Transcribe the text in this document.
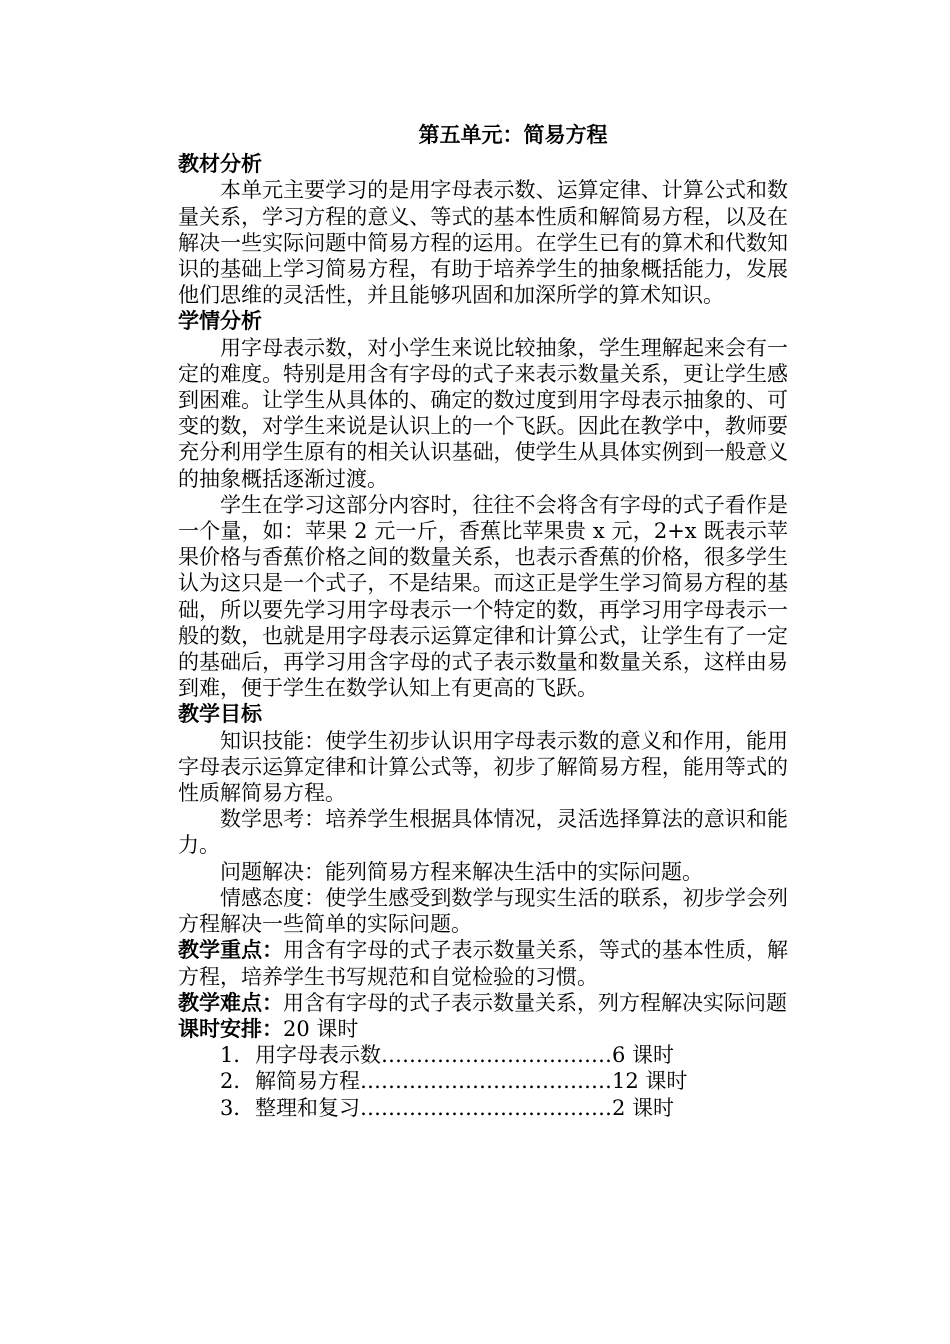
第五单元：简易方程

教材分析

本单元主要学习的是用字母表示数、运算定律、计算公式和数量关系，学习方程的意义、等式的基本性质和解简易方程，以及在解决一些实际问题中简易方程的运用。在学生已有的算术和代数知识的基础上学习简易方程，有助于培养学生的抽象概括能力，发展他们思维的灵活性，并且能够巩固和加深所学的算术知识。

学情分析

用字母表示数，对小学生来说比较抽象，学生理解起来会有一定的难度。特别是用含有字母的式子来表示数量关系，更让学生感到困难。让学生从具体的、确定的数过度到用字母表示抽象的、可变的数，对学生来说是认识上的一个飞跃。因此在教学中，教师要充分利用学生原有的相关认识基础，使学生从具体实例到一般意义的抽象概括逐渐过渡。

学生在学习这部分内容时，往往不会将含有字母的式子看作是一个量，如：苹果 2 元一斤，香蕉比苹果贵 x 元，2+x 既表示苹果价格与香蕉价格之间的数量关系，也表示香蕉的价格，很多学生认为这只是一个式子，不是结果。而这正是学生学习简易方程的基础，所以要先学习用字母表示一个特定的数，再学习用字母表示一般的数，也就是用字母表示运算定律和计算公式，让学生有了一定的基础后，再学习用含字母的式子表示数量和数量关系，这样由易到难，便于学生在数学认知上有更高的飞跃。

教学目标

知识技能：使学生初步认识用字母表示数的意义和作用，能用字母表示运算定律和计算公式等，初步了解简易方程，能用等式的性质解简易方程。

数学思考：培养学生根据具体情况，灵活选择算法的意识和能力。

问题解决：能列简易方程来解决生活中的实际问题。

情感态度：使学生感受到数学与现实生活的联系，初步学会列方程解决一些简单的实际问题。

教学重点：用含有字母的式子表示数量关系，等式的基本性质，解方程，培养学生书写规范和自觉检验的习惯。

教学难点：用含有字母的式子表示数量关系，列方程解决实际问题

课时安排：20 课时

1． 用字母表示数 …………………………… 6 课时
2． 解简易方程 ……………………………… 12 课时
3． 整理和复习 ……………………………… 2 课时
